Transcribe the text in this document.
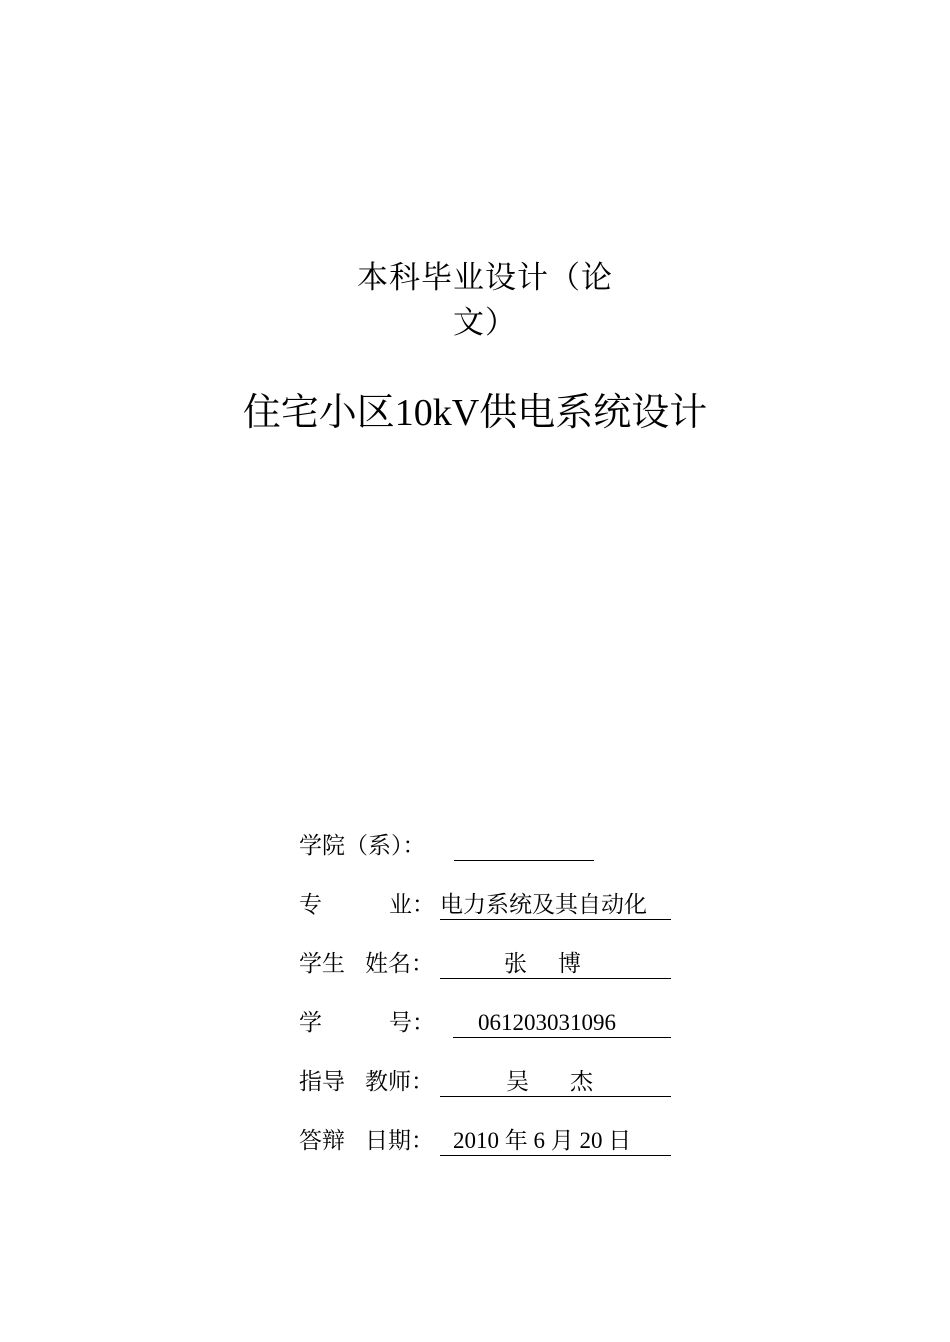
本科毕业设计（论
文）
住宅小区10kV供电系统设计
学院（系）：
专	业： 电力系统及其自动化
学生 姓名：	张 博
学	号： 061203031096
指导 教师：	吴 杰
答辩 日期： 2010 年 6 月 20 日
